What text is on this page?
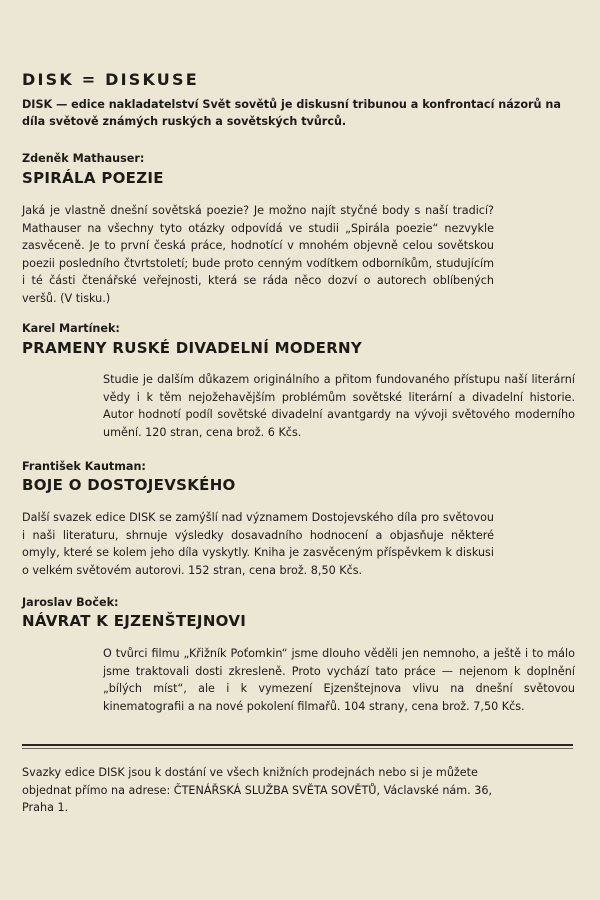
DISK = DISKUSE
DISK — edice nakladatelství Svět sovětů je diskusní tribunou a konfrontací názorů na díla světově známých ruských a sovětských tvůrců.
Zdeněk Mathauser:
SPIRÁLA POEZIE
Jaká je vlastně dnešní sovětská poezie? Je možno najít styčné body s naší tradicí? Mathauser na všechny tyto otázky odpovídá ve studii „Spirála poezie“ nezvykle zasvěceně. Je to první česká práce, hodnotící v mnohém objevně celou sovětskou poezii posledního čtvrtstoletí; bude proto cenným vodítkem odborníkům, studujícím i té části čtenářské veřejnosti, která se ráda něco dozví o autorech oblíbených veršů. (V tisku.)
Karel Martínek:
PRAMENY RUSKÉ DIVADELNÍ MODERNY
Studie je dalším důkazem originálního a přitom fundovaného přístupu naší literární vědy i k těm nejožehavějším problémům sovětské literární a divadelní historie. Autor hodnotí podíl sovětské divadelní avantgardy na vývoji světového moderního umění. 120 stran, cena brož. 6 Kčs.
František Kautman:
BOJE O DOSTOJEVSKÉHO
Další svazek edice DISK se zamýšlí nad významem Dostojevského díla pro světovou i naši literaturu, shrnuje výsledky dosavadního hodnocení a objasňuje některé omyly, které se kolem jeho díla vyskytly. Kniha je zasvěceným příspěvkem k diskusi o velkém světovém autorovi. 152 stran, cena brož. 8,50 Kčs.
Jaroslav Boček:
NÁVRAT K EJZENŠTEJNOVI
O tvůrci filmu „Křižník Poťomkin“ jsme dlouho věděli jen nemnoho, a ještě i to málo jsme traktovali dosti zkresleně. Proto vychází tato práce — nejenom k doplnění „bílých míst“, ale i k vymezení Ejzenštejnova vlivu na dnešní světovou kinematografii a na nové pokolení filmařů. 104 strany, cena brož. 7,50 Kčs.
Svazky edice DISK jsou k dostání ve všech knižních prodejnách nebo si je můžete objednat přímo na adrese: ČTENÁŘSKÁ SLUŽBA SVĚTA SOVĚTŮ, Václavské nám. 36, Praha 1.
